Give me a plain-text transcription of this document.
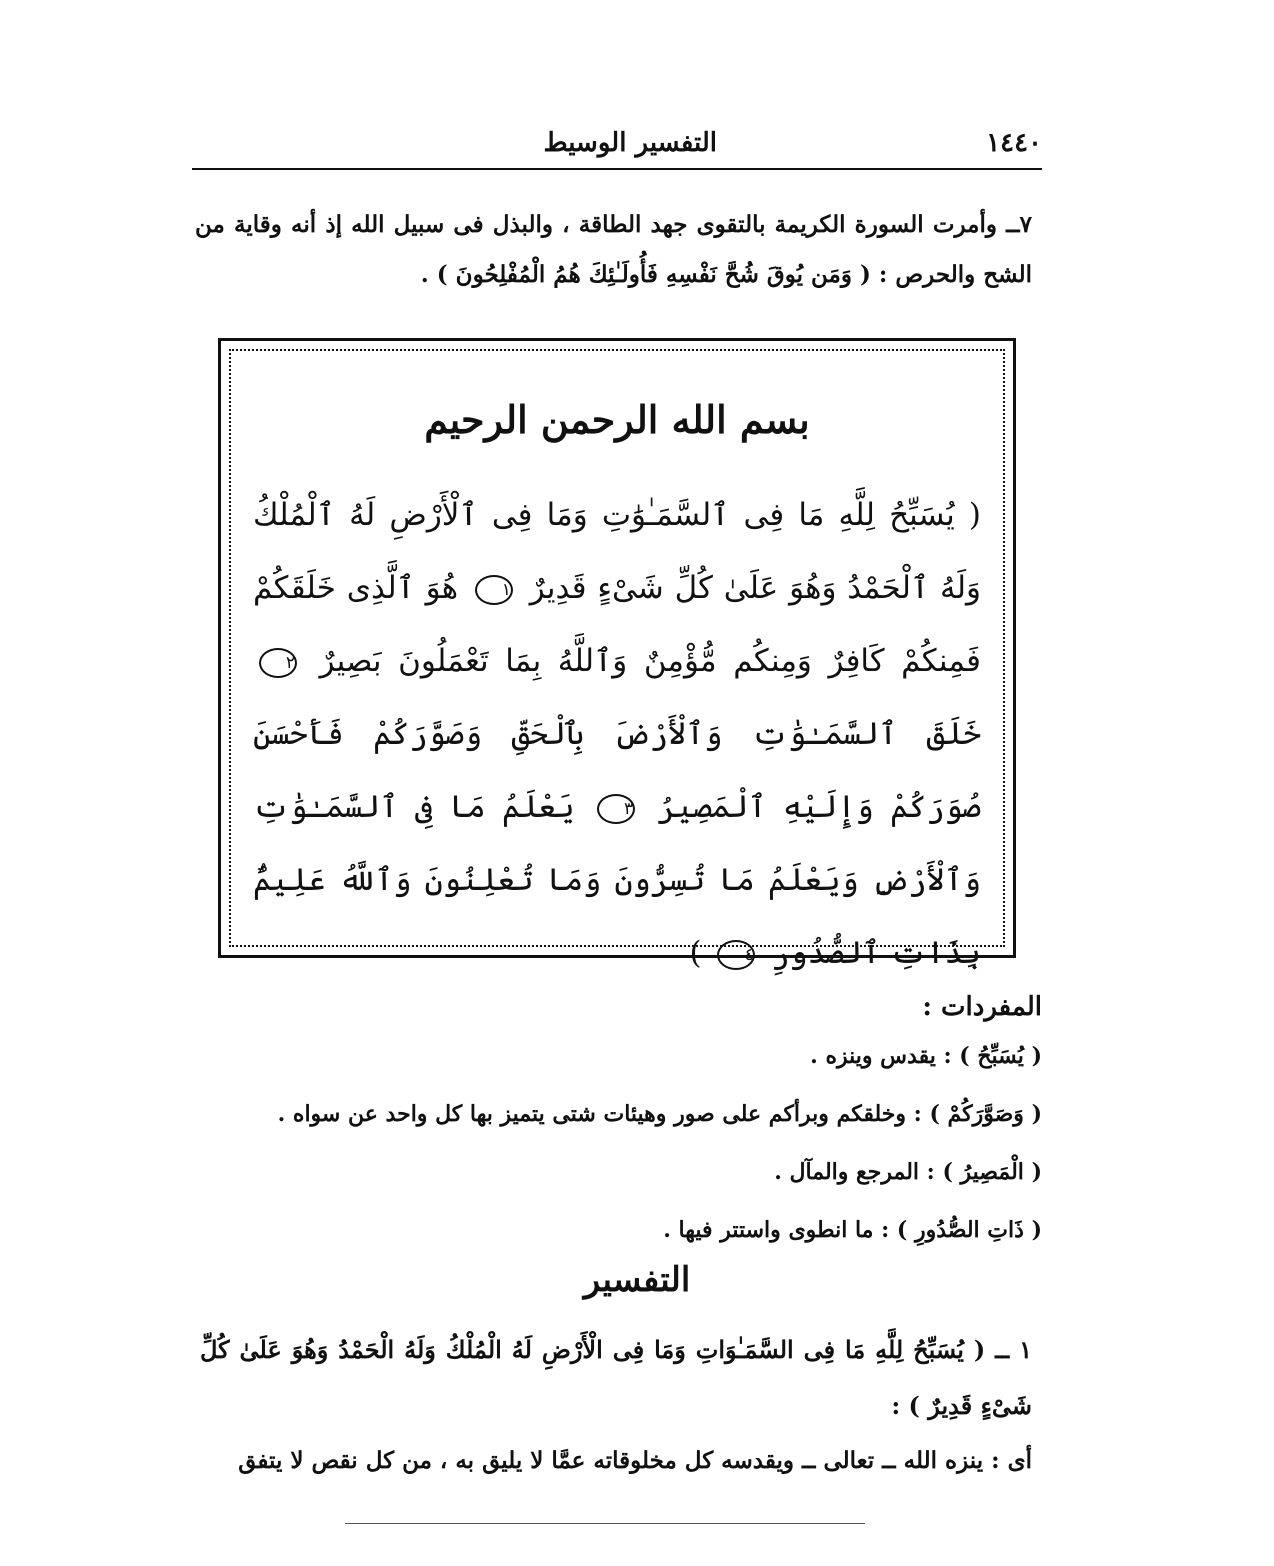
١٤٤٠
التفسير الوسيط
٧ــ وأمرت السورة الكريمة بالتقوى جهد الطاقة ، والبذل فى سبيل الله إذ أنه وقاية من الشح والحرص : ( وَمَن يُوقَ شُحَّ نَفْسِهِ فَأُولَـٰئِكَ هُمُ الْمُفْلِحُونَ ) .
بسم الله الرحمن الرحيم
( يُسَبِّحُ لِلَّهِ مَا فِى ٱلسَّمَـٰوَٰتِ وَمَا فِى ٱلْأَرْضِ لَهُ ٱلْمُلْكُ وَلَهُ ٱلْحَمْدُ وَهُوَ عَلَىٰ كُلِّ شَىْءٍ قَدِيرٌ ١ هُوَ ٱلَّذِى خَلَقَكُمْ فَمِنكُمْ كَافِرٌ وَمِنكُم مُّؤْمِنٌ وَٱللَّهُ بِمَا تَعْمَلُونَ بَصِيرٌ ٢ خَلَقَ ٱلسَّمَـٰوَٰتِ وَٱلْأَرْضَ بِٱلْحَقِّ وَصَوَّرَكُمْ فَأَحْسَنَ صُوَرَكُمْ وَإِلَيْهِ ٱلْمَصِيرُ ٣ يَعْلَمُ مَا فِى ٱلسَّمَـٰوَٰتِ وَٱلْأَرْضِ وَيَعْلَمُ مَا تُسِرُّونَ وَمَا تُعْلِنُونَ وَٱللَّهُ عَلِيمٌۢ بِذَاتِ ٱلصُّدُورِ ٤ )
المفردات :
( يُسَبِّحُ ) : يقدس وينزه .
( وَصَوَّرَكُمْ ) : وخلقكم وبرأكم على صور وهيئات شتى يتميز بها كل واحد عن سواه .
( الْمَصِيرُ ) : المرجع والمآل .
( ذَاتِ الصُّدُورِ ) : ما انطوى واستتر فيها .
التفسير
١ ــ ( يُسَبِّحُ لِلَّهِ مَا فِى السَّمَـٰوَاتِ وَمَا فِى الْأَرْضِ لَهُ الْمُلْكُ وَلَهُ الْحَمْدُ وَهُوَ عَلَىٰ كُلِّ شَىْءٍ قَدِيرٌ ) :
أى : ينزه الله ــ تعالى ــ ويقدسه كل مخلوقاته عمَّا لا يليق به ، من كل نقص لا يتفق
